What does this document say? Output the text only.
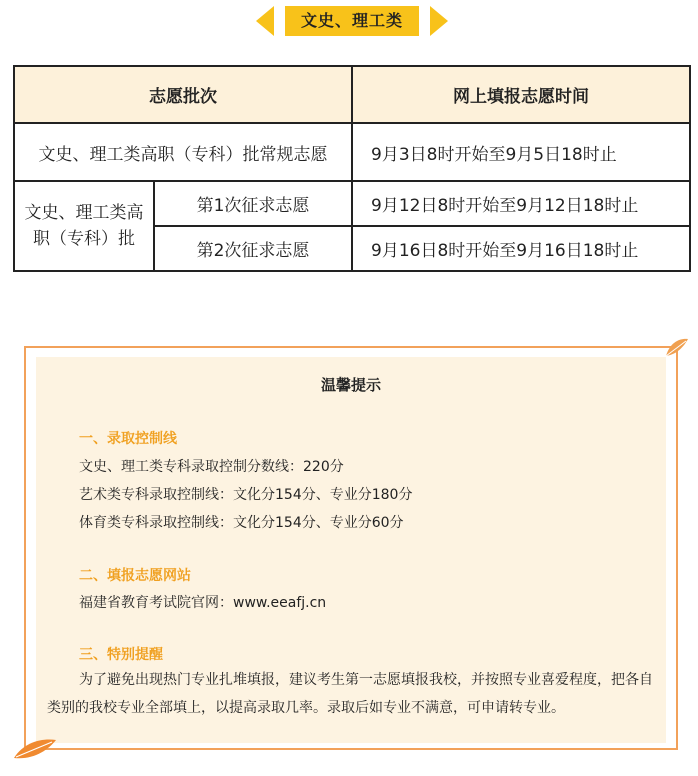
文史、理工类
志愿批次		网上填报志愿时间
文史、理工类高职（专科）批常规志愿		9月3日8时开始至9月5日18时止
文史、理工类高职（专科）批	第1次征求志愿	9月12日8时开始至9月12日18时止
	第2次征求志愿	9月16日8时开始至9月16日18时止
温馨提示
一、录取控制线
文史、理工类专科录取控制分数线：220分
艺术类专科录取控制线：文化分154分、专业分180分
体育类专科录取控制线：文化分154分、专业分60分
二、填报志愿网站
福建省教育考试院官网：www.eeafj.cn
三、特别提醒
为了避免出现热门专业扎堆填报，建议考生第一志愿填报我校，并按照专业喜爱程度，把各自类别的我校专业全部填上，以提高录取几率。录取后如专业不满意，可申请转专业。
